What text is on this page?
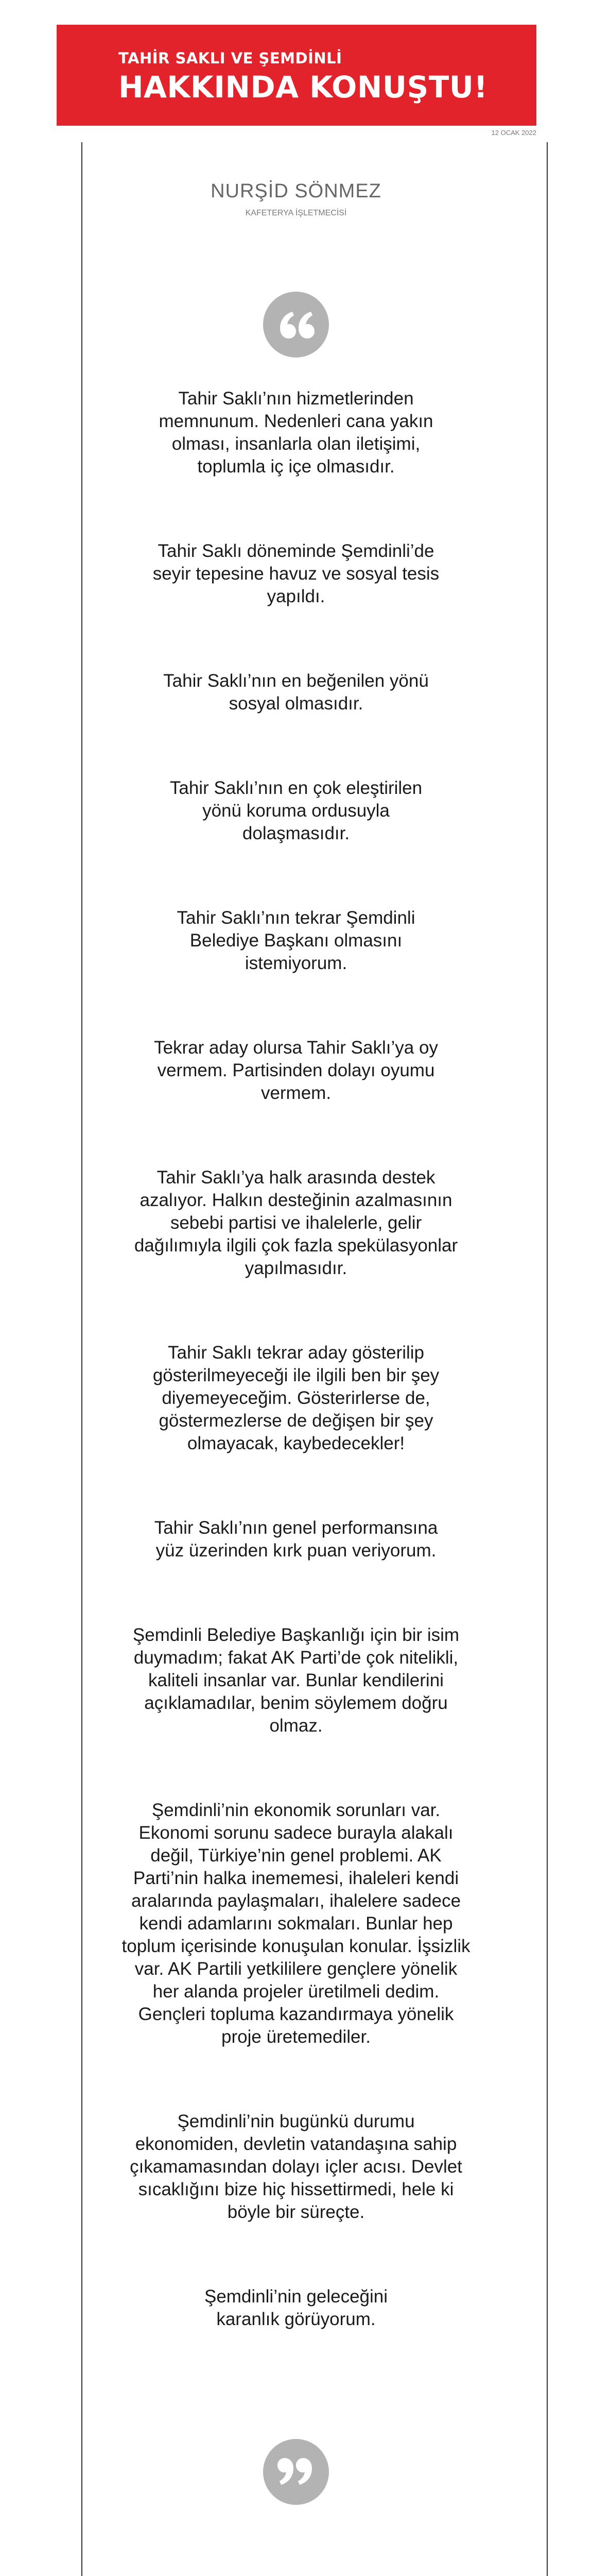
TAHİR SAKLI VE ŞEMDİNLİ
HAKKINDA KONUŞTU!
12 OCAK 2022
NURŞİD SÖNMEZ
KAFETERYA İŞLETMECİSİ
Tahir Saklı’nın hizmetlerinden memnunum. Nedenleri cana yakın olması, insanlarla olan iletişimi, toplumla iç içe olmasıdır.
Tahir Saklı döneminde Şemdinli’de seyir tepesine havuz ve sosyal tesis yapıldı.
Tahir Saklı’nın en beğenilen yönü sosyal olmasıdır.
Tahir Saklı’nın en çok eleştirilen yönü koruma ordusuyla dolaşmasıdır.
Tahir Saklı’nın tekrar Şemdinli Belediye Başkanı olmasını istemiyorum.
Tekrar aday olursa Tahir Saklı’ya oy vermem. Partisinden dolayı oyumu vermem.
Tahir Saklı’ya halk arasında destek azalıyor. Halkın desteğinin azalmasının sebebi partisi ve ihalelerle, gelir dağılımıyla ilgili çok fazla spekülasyonlar yapılmasıdır.
Tahir Saklı tekrar aday gösterilip gösterilmeyeceği ile ilgili ben bir şey diyemeyeceğim. Gösterirlerse de, göstermezlerse de değişen bir şey olmayacak, kaybedecekler!
Tahir Saklı’nın genel performansına yüz üzerinden kırk puan veriyorum.
Şemdinli Belediye Başkanlığı için bir isim duymadım; fakat AK Parti’de çok nitelikli, kaliteli insanlar var. Bunlar kendilerini açıklamadılar, benim söylemem doğru olmaz.
Şemdinli’nin ekonomik sorunları var. Ekonomi sorunu sadece burayla alakalı değil, Türkiye’nin genel problemi. AK Parti’nin halka inememesi, ihaleleri kendi aralarında paylaşmaları, ihalelere sadece kendi adamlarını sokmaları. Bunlar hep toplum içerisinde konuşulan konular. İşsizlik var. AK Partili yetkililere gençlere yönelik her alanda projeler üretilmeli dedim. Gençleri topluma kazandırmaya yönelik proje üretemediler.
Şemdinli’nin bugünkü durumu ekonomiden, devletin vatandaşına sahip çıkamamasından dolayı içler acısı. Devlet sıcaklığını bize hiç hissettirmedi, hele ki böyle bir süreçte.
Şemdinli’nin geleceğini karanlık görüyorum.
